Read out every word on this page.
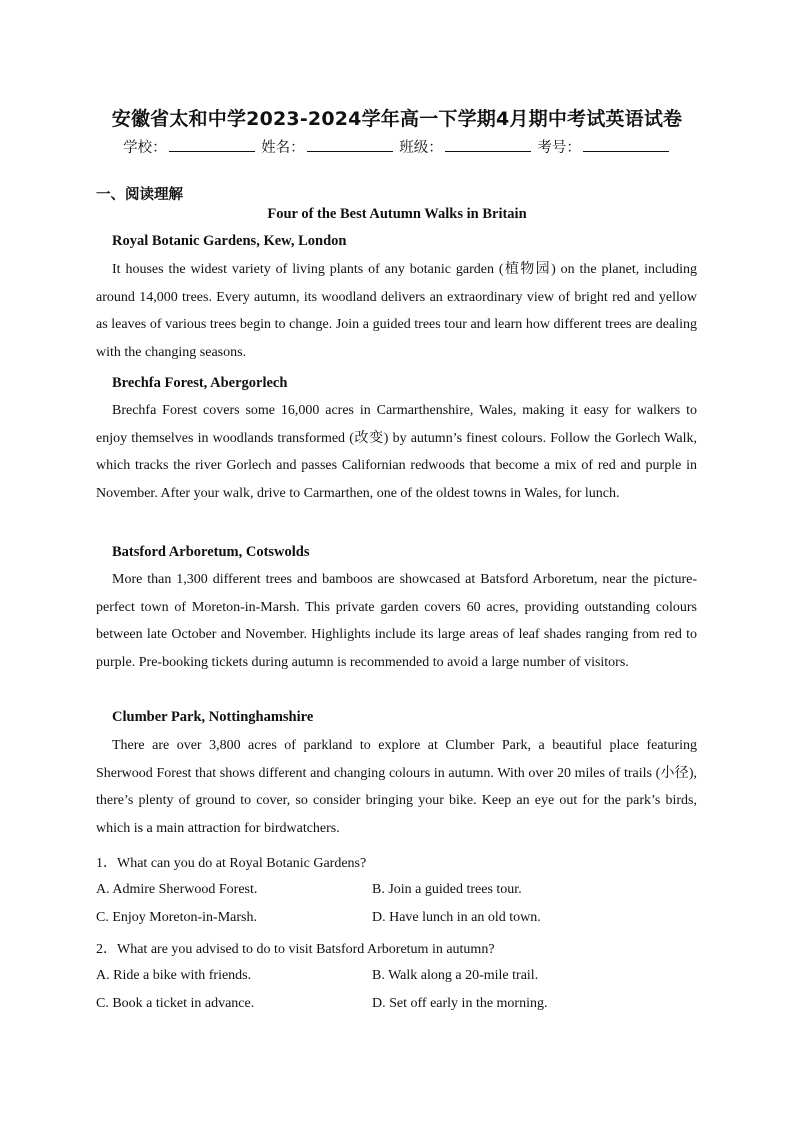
安徽省太和中学2023-2024学年高一下学期4月期中考试英语试卷
学校：	姓名：	班级：	考号：
一、阅读理解
Four of the Best Autumn Walks in Britain
Royal Botanic Gardens, Kew, London

It houses the widest variety of living plants of any botanic garden (植物园) on the planet, including around 14,000 trees. Every autumn, its woodland delivers an extraordinary view of bright red and yellow as leaves of various trees begin to change. Join a guided trees tour and learn how different trees are dealing with the changing seasons.

Brechfa Forest, Abergorlech

Brechfa Forest covers some 16,000 acres in Carmarthenshire, Wales, making it easy for walkers to enjoy themselves in woodlands transformed (改变) by autumn’s finest colours. Follow the Gorlech Walk, which tracks the river Gorlech and passes Californian redwoods that become a mix of red and purple in November. After your walk, drive to Carmarthen, one of the oldest towns in Wales, for lunch.

Batsford Arboretum, Cotswolds

More than 1,300 different trees and bamboos are showcased at Batsford Arboretum, near the picture-perfect town of Moreton-in-Marsh. This private garden covers 60 acres, providing outstanding colours between late October and November. Highlights include its large areas of leaf shades ranging from red to purple. Pre-booking tickets during autumn is recommended to avoid a large number of visitors.

Clumber Park, Nottinghamshire

There are over 3,800 acres of parkland to explore at Clumber Park, a beautiful place featuring Sherwood Forest that shows different and changing colours in autumn. With over 20 miles of trails (小径), there’s plenty of ground to cover, so consider bringing your bike. Keep an eye out for the park’s birds, which is a main attraction for birdwatchers.

1．What can you do at Royal Botanic Gardens?
A. Admire Sherwood Forest.	B. Join a guided trees tour.
C. Enjoy Moreton-in-Marsh.	D. Have lunch in an old town.
2．What are you advised to do to visit Batsford Arboretum in autumn?
A. Ride a bike with friends.	B. Walk along a 20-mile trail.
C. Book a ticket in advance.	D. Set off early in the morning.
